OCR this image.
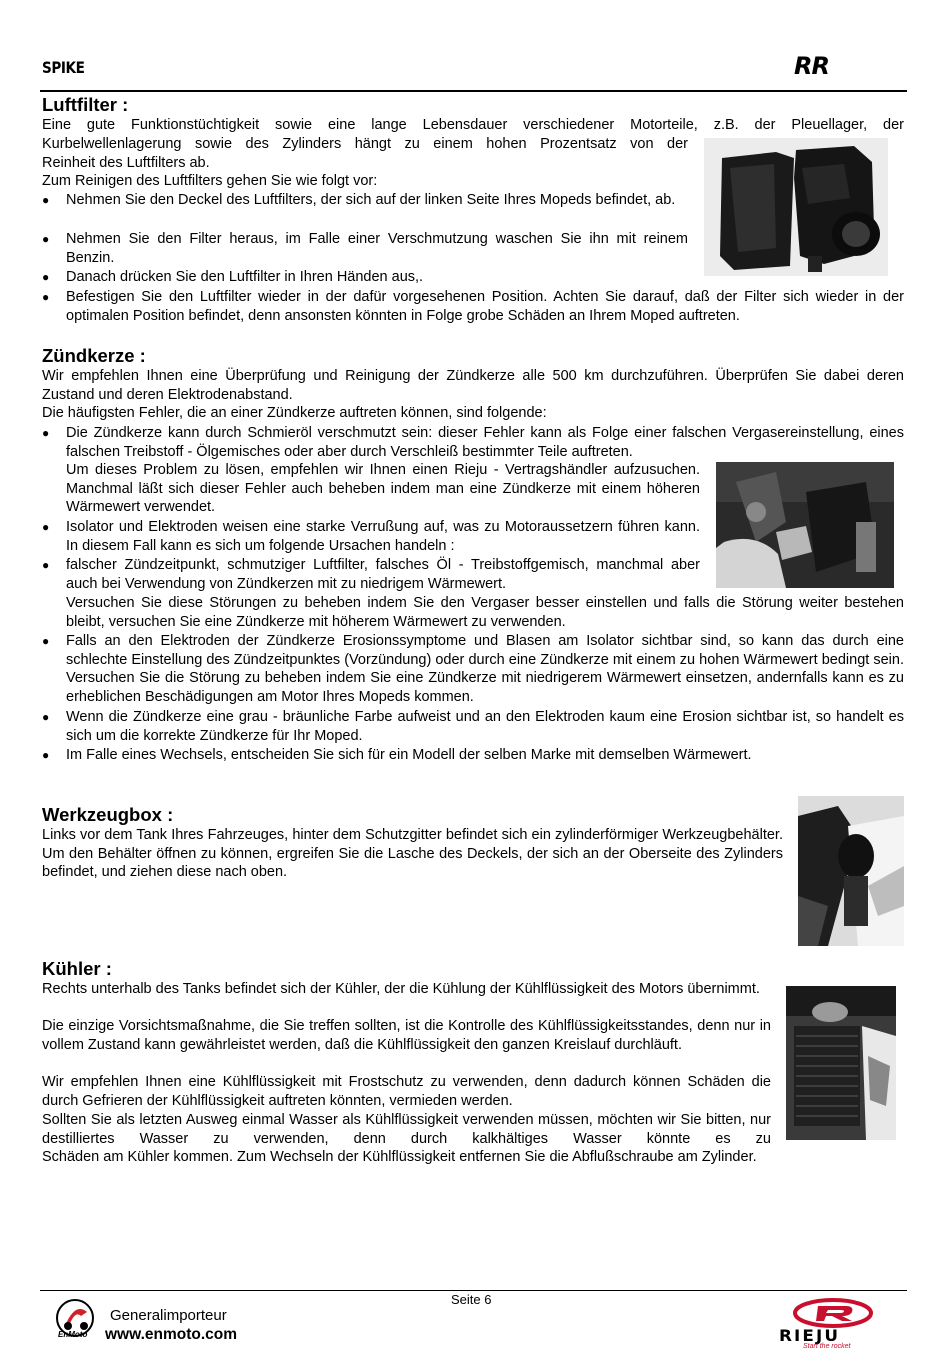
SPIKE	RR
Luftfilter :
Eine gute Funktionstüchtigkeit sowie eine lange Lebensdauer verschiedener Motorteile, z.B. der Pleuellager, der
Kurbelwellenlagerung sowie des Zylinders hängt zu einem hohen Prozentsatz von der
Reinheit des Luftfilters ab.
Zum Reinigen des Luftfilters gehen Sie wie folgt vor:
● Nehmen Sie den Deckel des Luftfilters, der sich auf der linken Seite Ihres Mopeds befindet, ab.
● Nehmen Sie den Filter heraus, im Falle einer Verschmutzung waschen Sie ihn mit reinem Benzin.
● Danach drücken Sie den Luftfilter in Ihren Händen aus,.
● Befestigen Sie den Luftfilter wieder in der dafür vorgesehenen Position. Achten Sie darauf, daß der Filter sich wieder in der optimalen Position befindet, denn ansonsten könnten in Folge grobe Schäden an Ihrem Moped auftreten.
Zündkerze :
Wir empfehlen Ihnen eine Überprüfung und Reinigung der Zündkerze alle 500 km durchzuführen. Überprüfen Sie dabei deren Zustand und deren Elektrodenabstand.
Die häufigsten Fehler, die an einer Zündkerze auftreten können, sind folgende:
● Die Zündkerze kann durch Schmieröl verschmutzt sein: dieser Fehler kann als Folge einer falschen Vergasereinstellung, eines falschen Treibstoff - Ölgemisches oder aber durch Verschleiß bestimmter Teile auftreten.
Um dieses Problem zu lösen, empfehlen wir Ihnen einen Rieju - Vertragshändler aufzusuchen. Manchmal läßt sich dieser Fehler auch beheben indem man eine Zündkerze mit einem höheren Wärmewert verwendet.
● Isolator und Elektroden weisen eine starke Verrußung auf, was zu Motoraussetzern führen kann. In diesem Fall kann es sich um folgende Ursachen handeln :
● falscher Zündzeitpunkt, schmutziger Luftfilter, falsches Öl - Treibstoffgemisch, manchmal aber auch bei Verwendung von Zündkerzen mit zu niedrigem Wärmewert.
Versuchen Sie diese Störungen zu beheben indem Sie den Vergaser besser einstellen und falls die Störung weiter bestehen bleibt, versuchen Sie eine Zündkerze mit höherem Wärmewert zu verwenden.
● Falls an den Elektroden der Zündkerze Erosionssymptome und Blasen am Isolator sichtbar sind, so kann das durch eine schlechte Einstellung des Zündzeitpunktes (Vorzündung) oder durch eine Zündkerze mit einem zu hohen Wärmewert bedingt sein. Versuchen Sie die Störung zu beheben indem Sie eine Zündkerze mit niedrigerem Wärmewert einsetzen, andernfalls kann es zu erheblichen Beschädigungen am Motor Ihres Mopeds kommen.
● Wenn die Zündkerze eine grau - bräunliche Farbe aufweist und an den Elektroden kaum eine Erosion sichtbar ist, so handelt es sich um die korrekte Zündkerze für Ihr Moped.
● Im Falle eines Wechsels, entscheiden Sie sich für ein Modell der selben Marke mit demselben Wärmewert.
Werkzeugbox :
Links vor dem Tank Ihres Fahrzeuges, hinter dem Schutzgitter befindet sich ein zylinderförmiger Werkzeugbehälter. Um den Behälter öffnen zu können, ergreifen Sie die Lasche des Deckels, der sich an der Oberseite des Zylinders befindet, und ziehen diese nach oben.
Kühler :
Rechts unterhalb des Tanks befindet sich der Kühler, der die Kühlung der Kühlflüssigkeit des Motors übernimmt.
Die einzige Vorsichtsmaßnahme, die Sie treffen sollten, ist die Kontrolle des Kühlflüssigkeitsstandes, denn nur in vollem Zustand kann gewährleistet werden, daß die Kühlflüssigkeit den ganzen Kreislauf durchläuft.
Wir empfehlen Ihnen eine Kühlflüssigkeit mit Frostschutz zu verwenden, denn dadurch können Schäden die durch Gefrieren der Kühlflüssigkeit auftreten könnten, vermieden werden.
Sollten Sie als letzten Ausweg einmal Wasser als Kühlflüssigkeit verwenden müssen, möchten wir Sie bitten, nur destilliertes Wasser zu verwenden, denn durch kalkhältiges Wasser könnte es zu
Schäden am Kühler kommen. Zum Wechseln der Kühlflüssigkeit entfernen Sie die Abflußschraube am Zylinder.
Seite 6
EnMoto
Generalimporteur
www.enmoto.com	RIEJU
Start the rocket
